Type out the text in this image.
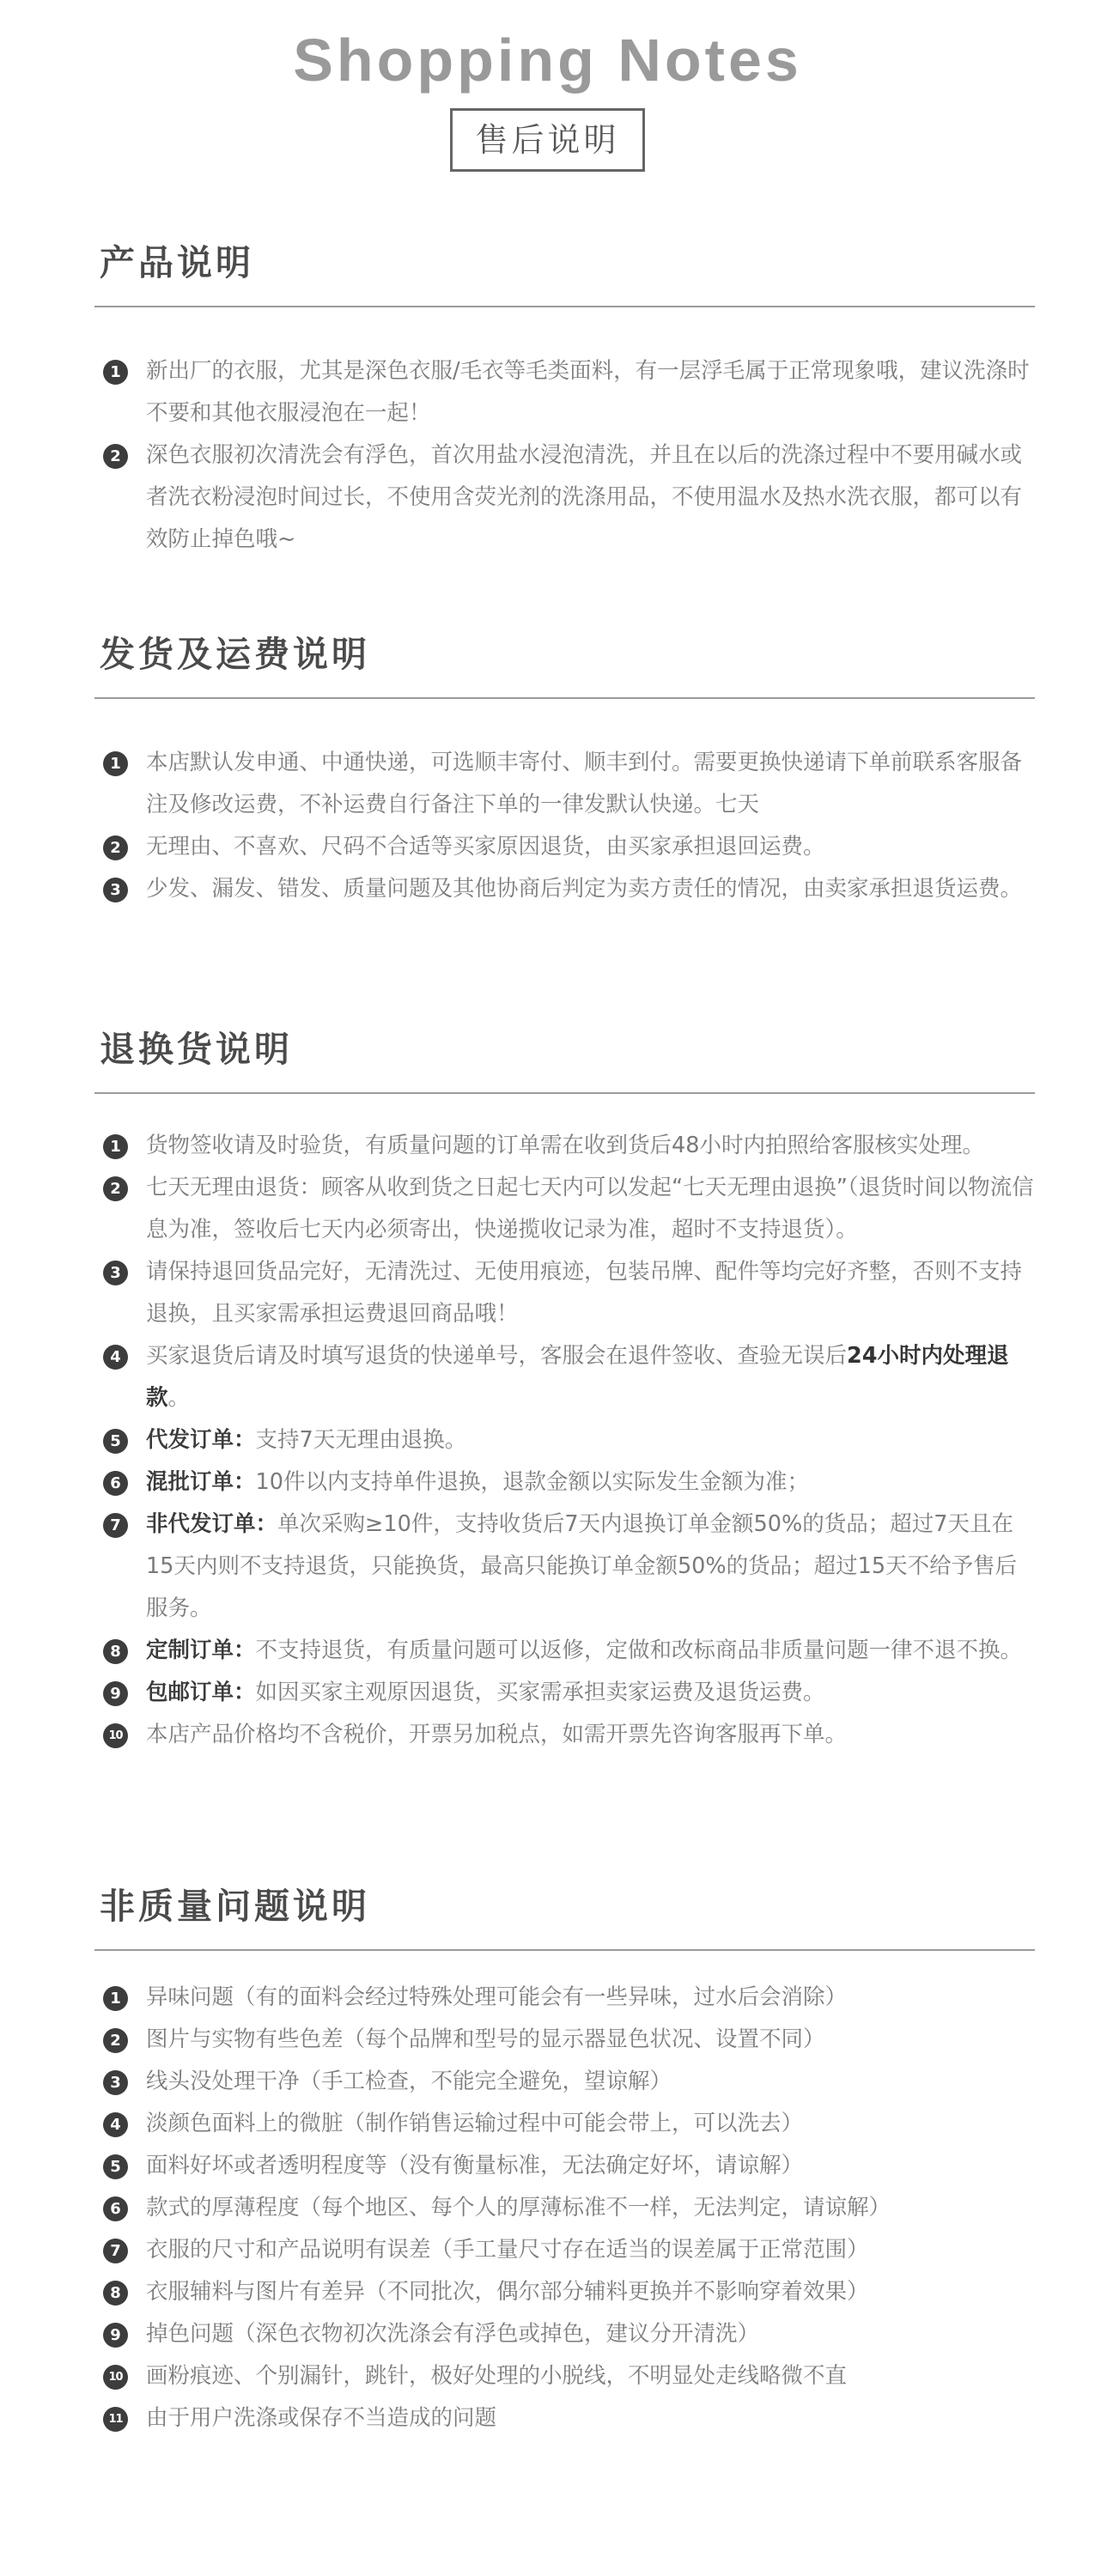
Shopping Notes
售后说明
产品说明
1	新出厂的衣服，尤其是深色衣服/毛衣等毛类面料，有一层浮毛属于正常现象哦，建议洗涤时不要和其他衣服浸泡在一起！
2	深色衣服初次清洗会有浮色，首次用盐水浸泡清洗，并且在以后的洗涤过程中不要用碱水或者洗衣粉浸泡时间过长，不使用含荧光剂的洗涤用品，不使用温水及热水洗衣服，都可以有效防止掉色哦~
发货及运费说明
1	本店默认发申通、中通快递，可选顺丰寄付、顺丰到付。需要更换快递请下单前联系客服备注及修改运费，不补运费自行备注下单的一律发默认快递。七天
2	无理由、不喜欢、尺码不合适等买家原因退货，由买家承担退回运费。
3	少发、漏发、错发、质量问题及其他协商后判定为卖方责任的情况，由卖家承担退货运费。
退换货说明
1	货物签收请及时验货，有质量问题的订单需在收到货后48小时内拍照给客服核实处理。
2	七天无理由退货：顾客从收到货之日起七天内可以发起“七天无理由退换”（退货时间以物流信息为准，签收后七天内必须寄出，快递揽收记录为准，超时不支持退货）。
3	请保持退回货品完好，无清洗过、无使用痕迹，包装吊牌、配件等均完好齐整，否则不支持退换，且买家需承担运费退回商品哦！
4	买家退货后请及时填写退货的快递单号，客服会在退件签收、查验无误后24小时内处理退款。
5	代发订单：支持7天无理由退换。
6	混批订单：10件以内支持单件退换，退款金额以实际发生金额为准；
7	非代发订单：单次采购≥10件，支持收货后7天内退换订单金额50%的货品；超过7天且在15天内则不支持退货，只能换货，最高只能换订单金额50%的货品；超过15天不给予售后服务。
8	定制订单：不支持退货，有质量问题可以返修，定做和改标商品非质量问题一律不退不换。
9	包邮订单：如因买家主观原因退货，买家需承担卖家运费及退货运费。
10 本店产品价格均不含税价，开票另加税点，如需开票先咨询客服再下单。
非质量问题说明
1	异味问题（有的面料会经过特殊处理可能会有一些异味，过水后会消除）
2	图片与实物有些色差（每个品牌和型号的显示器显色状况、设置不同）
3	线头没处理干净（手工检查，不能完全避免，望谅解）
4	淡颜色面料上的微脏（制作销售运输过程中可能会带上，可以洗去）
5	面料好坏或者透明程度等（没有衡量标准，无法确定好坏，请谅解）
6	款式的厚薄程度（每个地区、每个人的厚薄标准不一样，无法判定，请谅解）
7	衣服的尺寸和产品说明有误差（手工量尺寸存在适当的误差属于正常范围）
8	衣服辅料与图片有差异（不同批次，偶尔部分辅料更换并不影响穿着效果）
9	掉色问题（深色衣物初次洗涤会有浮色或掉色，建议分开清洗）
10 画粉痕迹、个别漏针，跳针，极好处理的小脱线，不明显处走线略微不直
11 由于用户洗涤或保存不当造成的问题
